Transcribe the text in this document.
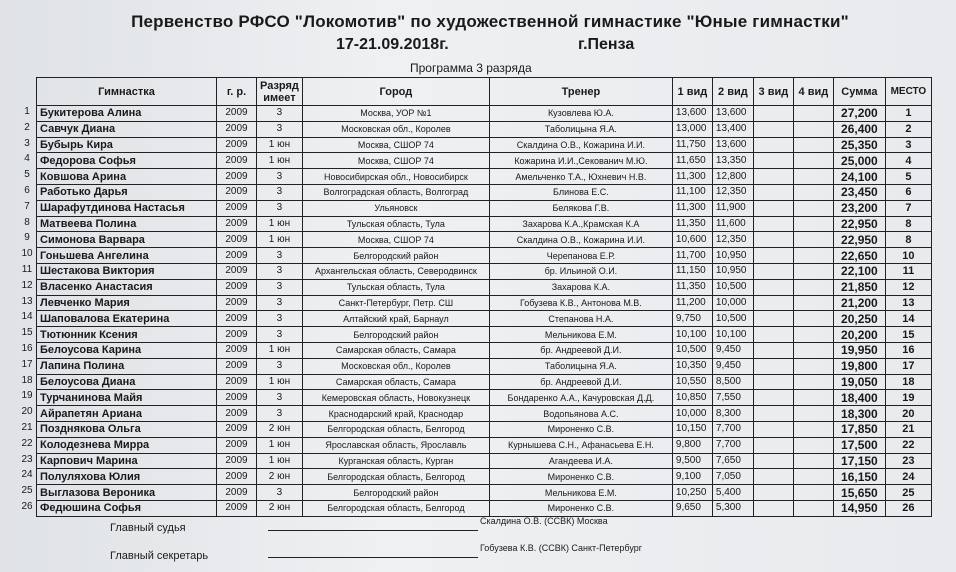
Первенство РФСО "Локомотив" по художественной гимнастике "Юные гимнастки"
17-21.09.2018г.	г.Пенза
Программа 3 разряда
Гимнастка	г. р.	Разряд имеет	Город	Тренер	1 вид	2 вид	3 вид	4 вид	Сумма	МЕСТО
Букитерова Алина	2009	3	Москва, УОР №1	Кузовлева Ю.А.	13,600	13,600			27,200	1
Савчук Диана	2009	3	Московская обл., Королев	Таболицына Я.А.	13,000	13,400			26,400	2
Бубырь Кира	2009	1 юн	Москва, СШОР 74	Скалдина О.В., Кожарина И.И.	11,750	13,600			25,350	3
Федорова Софья	2009	1 юн	Москва, СШОР 74	Кожарина И.И.,Секованич М.Ю.	11,650	13,350			25,000	4
Ковшова Арина	2009	3	Новосибирская обл., Новосибирск	Амельченко Т.А., Юхневич Н.В.	11,300	12,800			24,100	5
Работько Дарья	2009	3	Волгоградская область, Волгоград	Блинова Е.С.	11,100	12,350			23,450	6
Шарафутдинова Настасья	2009	3	Ульяновск	Белякова Г.В.	11,300	11,900			23,200	7
Матвеева Полина	2009	1 юн	Тульская область, Тула	Захарова К.А.,Крамская К.А	11,350	11,600			22,950	8
Симонова Варвара	2009	1 юн	Москва, СШОР 74	Скалдина О.В., Кожарина И.И.	10,600	12,350			22,950	8
Гоньшева Ангелина	2009	3	Белгородский район	Черепанова Е.Р.	11,700	10,950			22,650	10
Шестакова Виктория	2009	3	Архангельская область, Северодвинск	бр. Ильиной О.И.	11,150	10,950			22,100	11
Власенко Анастасия	2009	3	Тульская область, Тула	Захарова К.А.	11,350	10,500			21,850	12
Левченко Мария	2009	3	Санкт-Петербург, Петр. СШ	Гобузева К.В., Антонова М.В.	11,200	10,000			21,200	13
Шаповалова Екатерина	2009	3	Алтайский край, Барнаул	Степанова Н.А.	9,750	10,500			20,250	14
Тютюнник Ксения	2009	3	Белгородский район	Мельникова Е.М.	10,100	10,100			20,200	15
Белоусова Карина	2009	1 юн	Самарская область, Самара	бр. Андреевой Д.И.	10,500	9,450			19,950	16
Лапина Полина	2009	3	Московская обл., Королев	Таболицына Я.А.	10,350	9,450			19,800	17
Белоусова Диана	2009	1 юн	Самарская область, Самара	бр. Андреевой Д.И.	10,550	8,500			19,050	18
Турчанинова Майя	2009	3	Кемеровская область, Новокузнецк	Бондаренко А.А., Качуровская Д.Д.	10,850	7,550			18,400	19
Айрапетян Ариана	2009	3	Краснодарский край, Краснодар	Водопьянова А.С.	10,000	8,300			18,300	20
Позднякова Ольга	2009	2 юн	Белгородская область, Белгород	Мироненко С.В.	10,150	7,700			17,850	21
Колодезнева Мирра	2009	1 юн	Ярославская область, Ярославль	Курнышева С.Н., Афанасьева Е.Н.	9,800	7,700			17,500	22
Карпович Марина	2009	1 юн	Курганская область, Курган	Агандеева И.А.	9,500	7,650			17,150	23
Полуляхова Юлия	2009	2 юн	Белгородская область, Белгород	Мироненко С.В.	9,100	7,050			16,150	24
Выглазова Вероника	2009	3	Белгородский район	Мельникова Е.М.	10,250	5,400			15,650	25
Федюшина Софья	2009	2 юн	Белгородская область, Белгород	Мироненко С.В.	9,650	5,300			14,950	26
1
2
3
4
5
6
7
8
9
10
11
12
13
14
15
16
17
18
19
20
21
22
23
24
25
26
Главный судья
Скалдина О.В. (ССВК) Москва
Главный секретарь
Гобузева К.В. (ССВК) Санкт-Петербург
